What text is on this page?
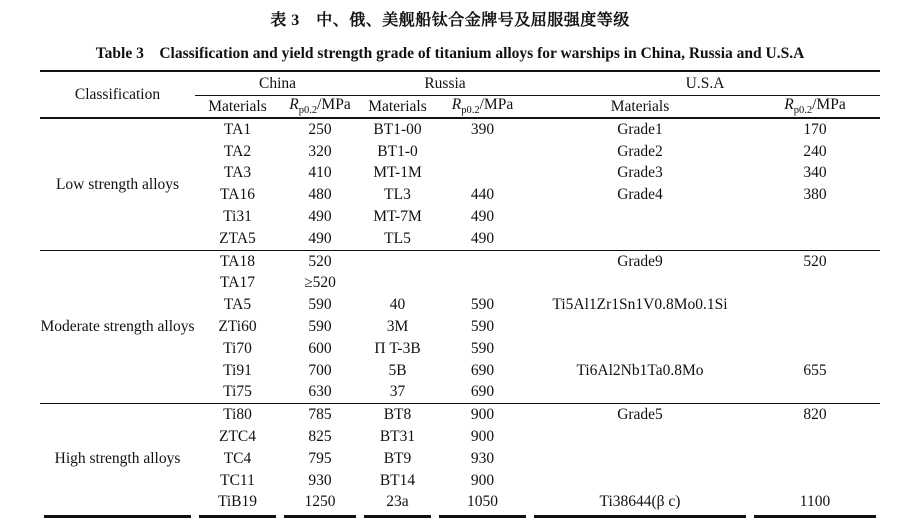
表 3　中、俄、美舰船钛合金牌号及屈服强度等级
Table 3　Classification and yield strength grade of titanium alloys for warships in China, Russia and U.S.A
Classification	China		Russia		U.S.A	
	Materials	$R_{p0.2}$/MPa	Materials	$R_{p0.2}$/MPa	Materials	$R_{p0.2}$/MPa
Low strength alloys	TA1	250	BT1-00	390	Grade1	170
	TA2	320	BT1-0		Grade2	240
	TA3	410	MT-1M		Grade3	340
	TA16	480	TL3	440	Grade4	380
	Ti31	490	MT-7M	490		
	ZTA5	490	TL5	490		
Moderate strength alloys	TA18	520			Grade9	520
	TA17	≥520				
	TA5	590	40	590	Ti5Al1Zr1Sn1V0.8Mo0.1Si	
	ZTi60	590	3M	590		
	Ti70	600	П T-3B	590		
	Ti91	700	5B	690	Ti6Al2Nb1Ta0.8Mo	655
	Ti75	630	37	690		
High strength alloys	Ti80	785	BT8	900	Grade5	820
	ZTC4	825	BT31	900		
	TC4	795	BT9	930		
	TC11	930	BT14	900		
	TiB19	1250	23a	1050	Ti38644(β c)	1100
